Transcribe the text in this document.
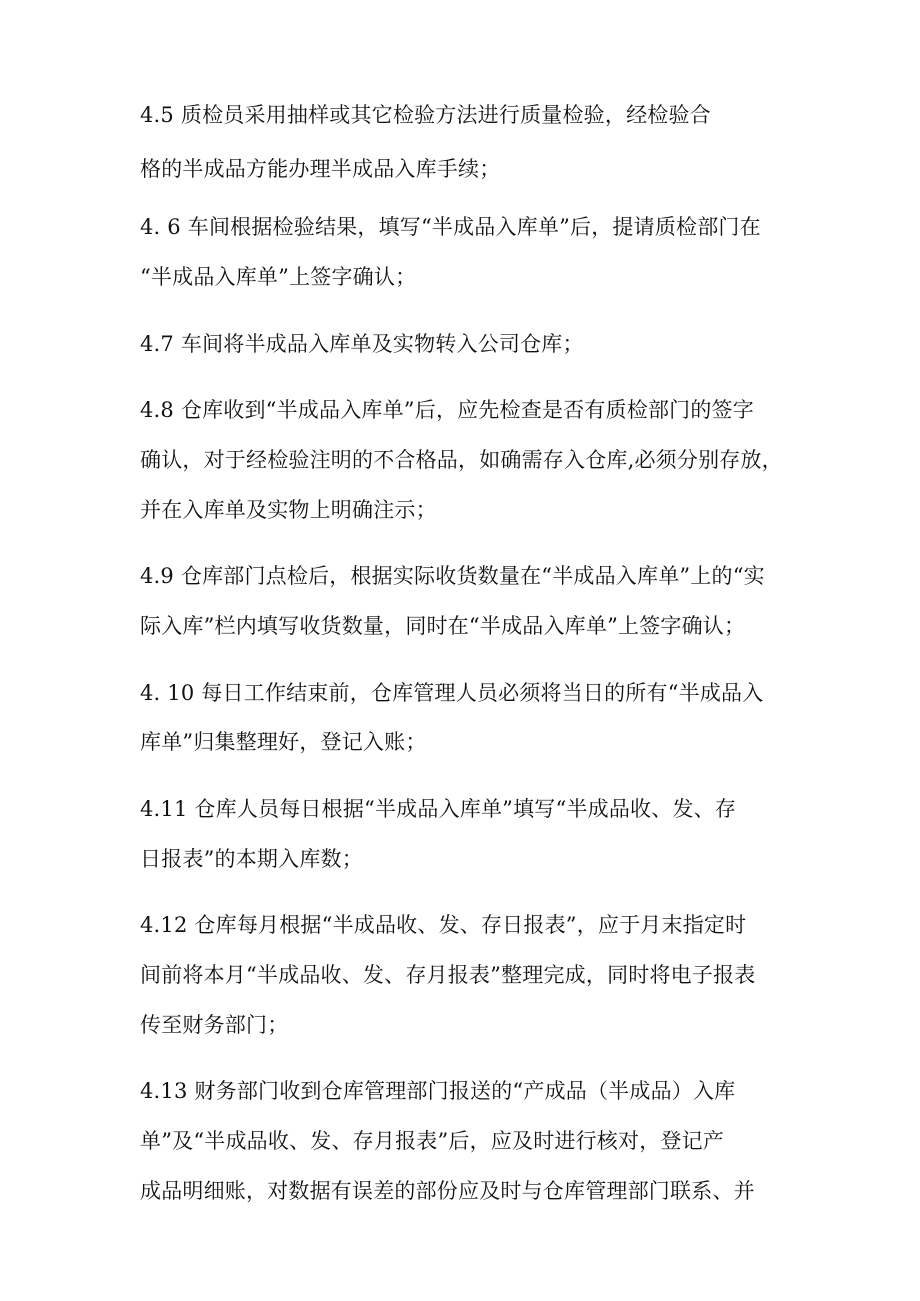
4.5 质检员采用抽样或其它检验方法进行质量检验，经检验合
格的半成品方能办理半成品入库手续；
4. 6 车间根据检验结果，填写“半成品入库单”后，提请质检部门在
“半成品入库单”上签字确认；
4.7 车间将半成品入库单及实物转入公司仓库；
4.8 仓库收到“半成品入库单”后，应先检查是否有质检部门的签字
确认，对于经检验注明的不合格品，如确需存入仓库,必须分别存放，
并在入库单及实物上明确注示；
4.9 仓库部门点检后，根据实际收货数量在“半成品入库单”上的“实
际入库”栏内填写收货数量，同时在“半成品入库单”上签字确认；
4. 10 每日工作结束前，仓库管理人员必须将当日的所有“半成品入
库单”归集整理好，登记入账；
4.11 仓库人员每日根据“半成品入库单”填写“半成品收、发、存
日报表”的本期入库数；
4.12 仓库每月根据“半成品收、发、存日报表”，应于月末指定时
间前将本月“半成品收、发、存月报表”整理完成，同时将电子报表
传至财务部门；
4.13 财务部门收到仓库管理部门报送的“产成品（半成品）入库
单”及“半成品收、发、存月报表”后，应及时进行核对，登记产
成品明细账，对数据有误差的部份应及时与仓库管理部门联系、并
